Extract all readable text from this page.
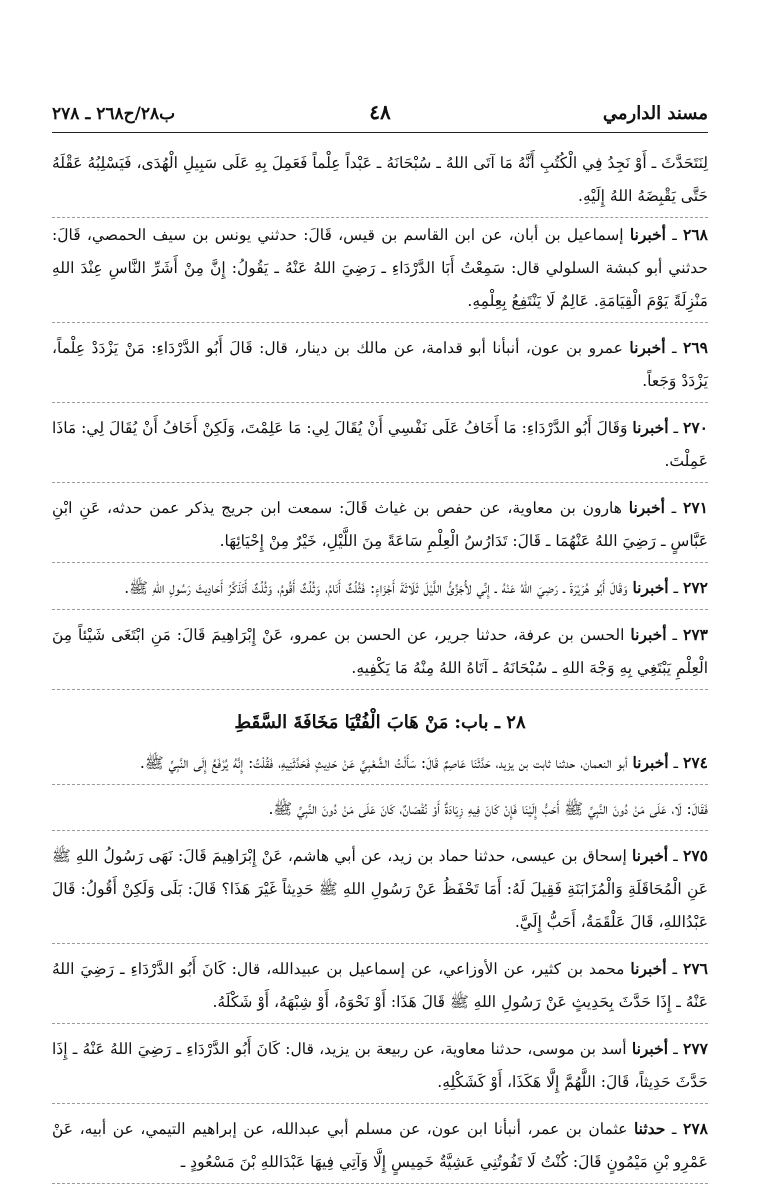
مسند الدارمي
٤٨
ب٢٨/ح٢٦٨ ـ ٢٧٨

لِنَتَحَدَّثَ ـ أَوْ نَجِدُ فِي الْكُتُبِ أَنَّهُ مَا آتَى اللهُ ـ سُبْحَانَهُ ـ عَبْداً عِلْماً فَعَمِلَ بِهِ عَلَى سَبِيلِ الْهُدَى، فَيَسْلِبُهُ عَقْلَهُ حَتَّى يَقْبِضَهُ اللهُ إِلَيْهِ.

٢٦٨ ـ أخبرنا إسماعيل بن أبان، عن ابن القاسم بن قيس، قَالَ: حدثني يونس بن سيف الحمصي، قَالَ: حدثني أبو كبشة السلولي قال: سَمِعْتُ أَبَا الدَّرْدَاءِ ـ رَضِيَ اللهُ عَنْهُ ـ يَقُولُ: إِنَّ مِنْ أَشَرِّ النَّاسِ عِنْدَ اللهِ مَنْزِلَةً يَوْمَ الْقِيَامَةِ. عَالِمٌ لَا يَنْتَفِعُ بِعِلْمِهِ.

٢٦٩ ـ أخبرنا عمرو بن عون، أنبأنا أبو قدامة، عن مالك بن دينار، قال: قَالَ أَبُو الدَّرْدَاءِ: مَنْ يَزْدَدْ عِلْماً، يَزْدَدْ وَجَعاً.

٢٧٠ ـ أخبرنا وَقَالَ أَبُو الدَّرْدَاءِ: مَا أَخَافُ عَلَى نَفْسِي أَنْ يُقَالَ لِي: مَا عَلِمْتَ، وَلَكِنْ أَخَافُ أَنْ يُقَالَ لِي: مَاذَا عَمِلْتَ.

٢٧١ ـ أخبرنا هارون بن معاوية، عن حفص بن غياث قَالَ: سمعت ابن جريج يذكر عمن حدثه، عَنِ ابْنِ عَبَّاسٍ ـ رَضِيَ اللهُ عَنْهُمَا ـ قَالَ: تَدَارُسُ الْعِلْمِ سَاعَةً مِنَ اللَّيْلِ، خَيْرٌ مِنْ إِحْيَائِهَا.

٢٧٢ ـ أخبرنا وَقَالَ أَبُو هُرَيْرَةَ ـ رَضِيَ اللهُ عَنْهُ ـ إِنِّي لأُجَزِّئُ اللَّيْلَ ثَلَاثَةَ أَجْزَاءٍ: فَثُلُثٌ أَنَامُ، وَثُلُثٌ أَقُومُ، وَثُلُثٌ أَتَذَكَّرُ أَحَادِيثَ رَسُولِ اللهِ ﷺ.

٢٧٣ ـ أخبرنا الحسن بن عرفة، حدثنا جرير، عن الحسن بن عمرو، عَنْ إِبْرَاهِيمَ قَالَ: مَنِ ابْتَغَى شَيْئاً مِنَ الْعِلْمِ يَبْتَغِي بِهِ وَجْهَ اللهِ ـ سُبْحَانَهُ ـ آتَاهُ اللهُ مِنْهُ مَا يَكْفِيهِ.

٢٨ ـ باب:مَنْ هَابَ الْفُتْيَا مَخَافَةَ السَّقَطِ

٢٧٤ ـ أخبرنا أبو النعمان، حدثنا ثابت بن يزيد، حَدَّثَنَا عَاصِمٌ قَالَ: سَأَلْتُ الشَّعْبِيَّ عَنْ حَدِيثٍ فَحَدَّثَنِيهِ، فَقُلْتُ: إِنَّهُ يُرْفَعُ إِلَى النَّبِيِّ ﷺ.

فَقَالَ: لَا، عَلَى مَنْ دُونَ النَّبِيِّ ﷺ أَحَبُّ إِلَيْنَا فَإِنْ كَانَ فِيهِ زِيَادَةٌ أَوْ نُقْصَانٌ، كَانَ عَلَى مَنْ دُونَ النَّبِيِّ ﷺ.

٢٧٥ ـ أخبرنا إسحاق بن عيسى، حدثنا حماد بن زيد، عن أبي هاشم، عَنْ إِبْرَاهِيمَ قَالَ: نَهَى رَسُولُ اللهِ ﷺ عَنِ الْمُحَاقَلَةِ وَالْمُزَابَنَةِ فَقِيلَ لَهُ: أَمَا تَحْفَظُ عَنْ رَسُولِ اللهِ ﷺ حَدِيثاً غَيْرَ هَذَا؟ قَالَ: بَلَى وَلَكِنْ أَقُولُ: قَالَ عَبْدُاللهِ، قَالَ عَلْقَمَةُ، أَحَبُّ إِلَيَّ.

٢٧٦ ـ أخبرنا محمد بن كثير، عن الأوزاعي، عن إسماعيل بن عبيدالله، قال: كَانَ أَبُو الدَّرْدَاءِ ـ رَضِيَ اللهُ عَنْهُ ـ إِذَا حَدَّثَ بِحَدِيثٍ عَنْ رَسُولِ اللهِ ﷺ قَالَ هَذَا: أَوْ نَحْوَهُ، أَوْ شِبْهَهُ، أَوْ شَكْلَهُ.

٢٧٧ ـ أخبرنا أسد بن موسى، حدثنا معاوية، عن ربيعة بن يزيد، قال: كَانَ أَبُو الدَّرْدَاءِ ـ رَضِيَ اللهُ عَنْهُ ـ إِذَا حَدَّثَ حَدِيثاً، قَالَ: اللَّهُمَّ إِلَّا هَكَذَا، أَوْ كَشَكْلِهِ.

٢٧٨ ـ حدثنا عثمان بن عمر، أنبأنا ابن عون، عن مسلم أبي عبدالله، عن إبراهيم التيمي، عن أبيه، عَنْ عَمْرِو بْنِ مَيْمُونٍ قَالَ: كُنْتُ لَا تَفُوتُنِي عَشِيَّةُ خَمِيسٍ إِلَّا وَآتِي فِيهَا عَبْدَاللهِ بْنَ مَسْعُودٍ ـ
